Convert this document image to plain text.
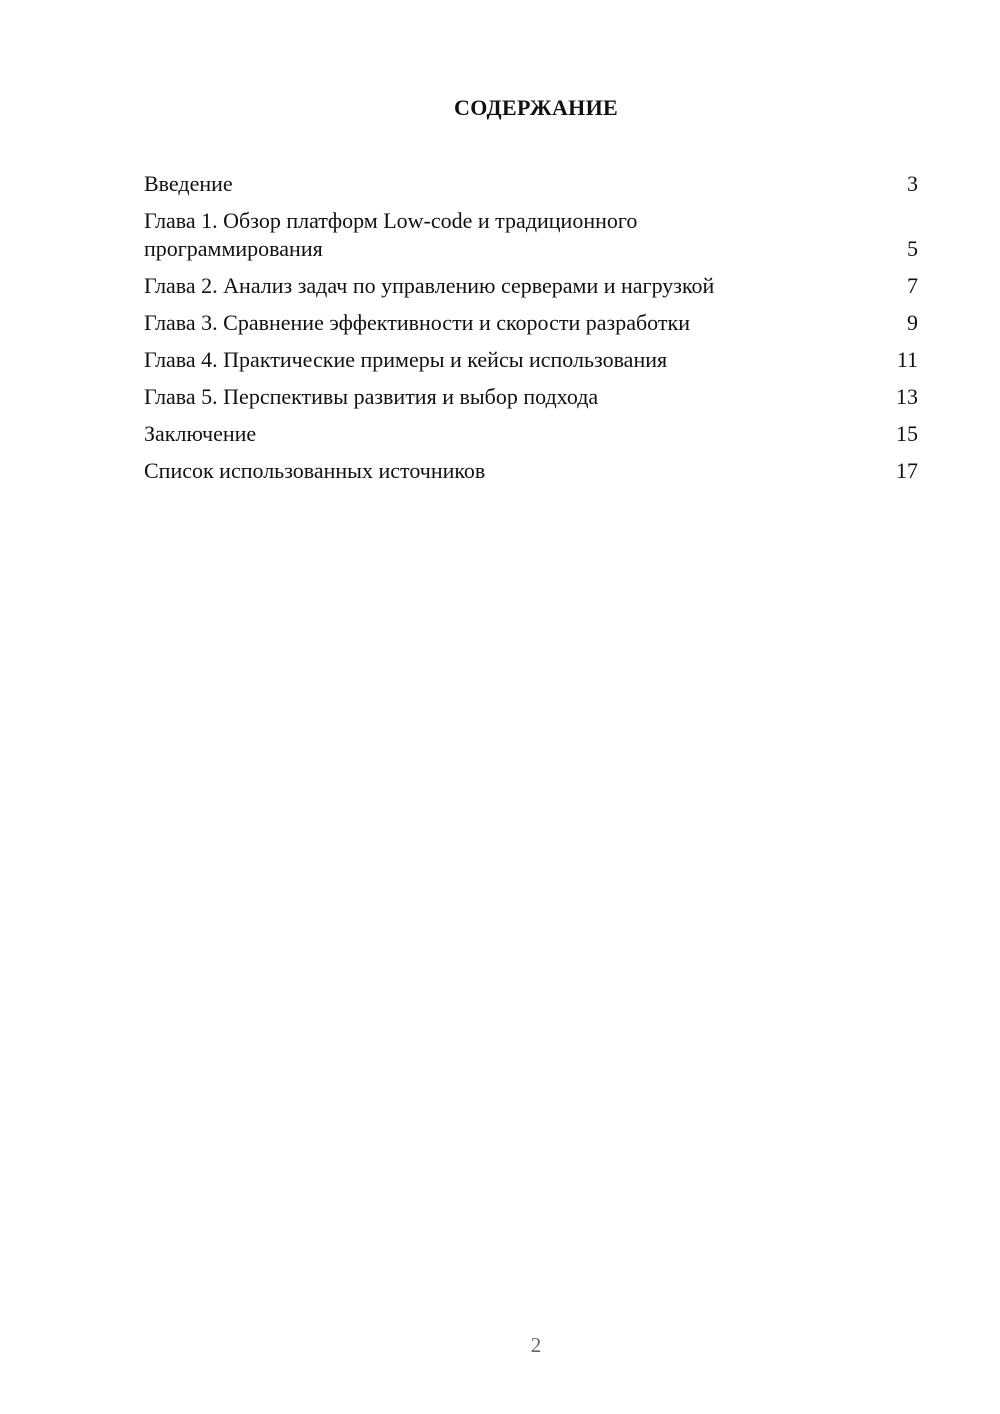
СОДЕРЖАНИЕ
Введение	3
Глава 1. Обзор платформ Low-code и традиционного программирования	5
Глава 2. Анализ задач по управлению серверами и нагрузкой	7
Глава 3. Сравнение эффективности и скорости разработки	9
Глава 4. Практические примеры и кейсы использования	11
Глава 5. Перспективы развития и выбор подхода	13
Заключение	15
Список использованных источников	17
2
